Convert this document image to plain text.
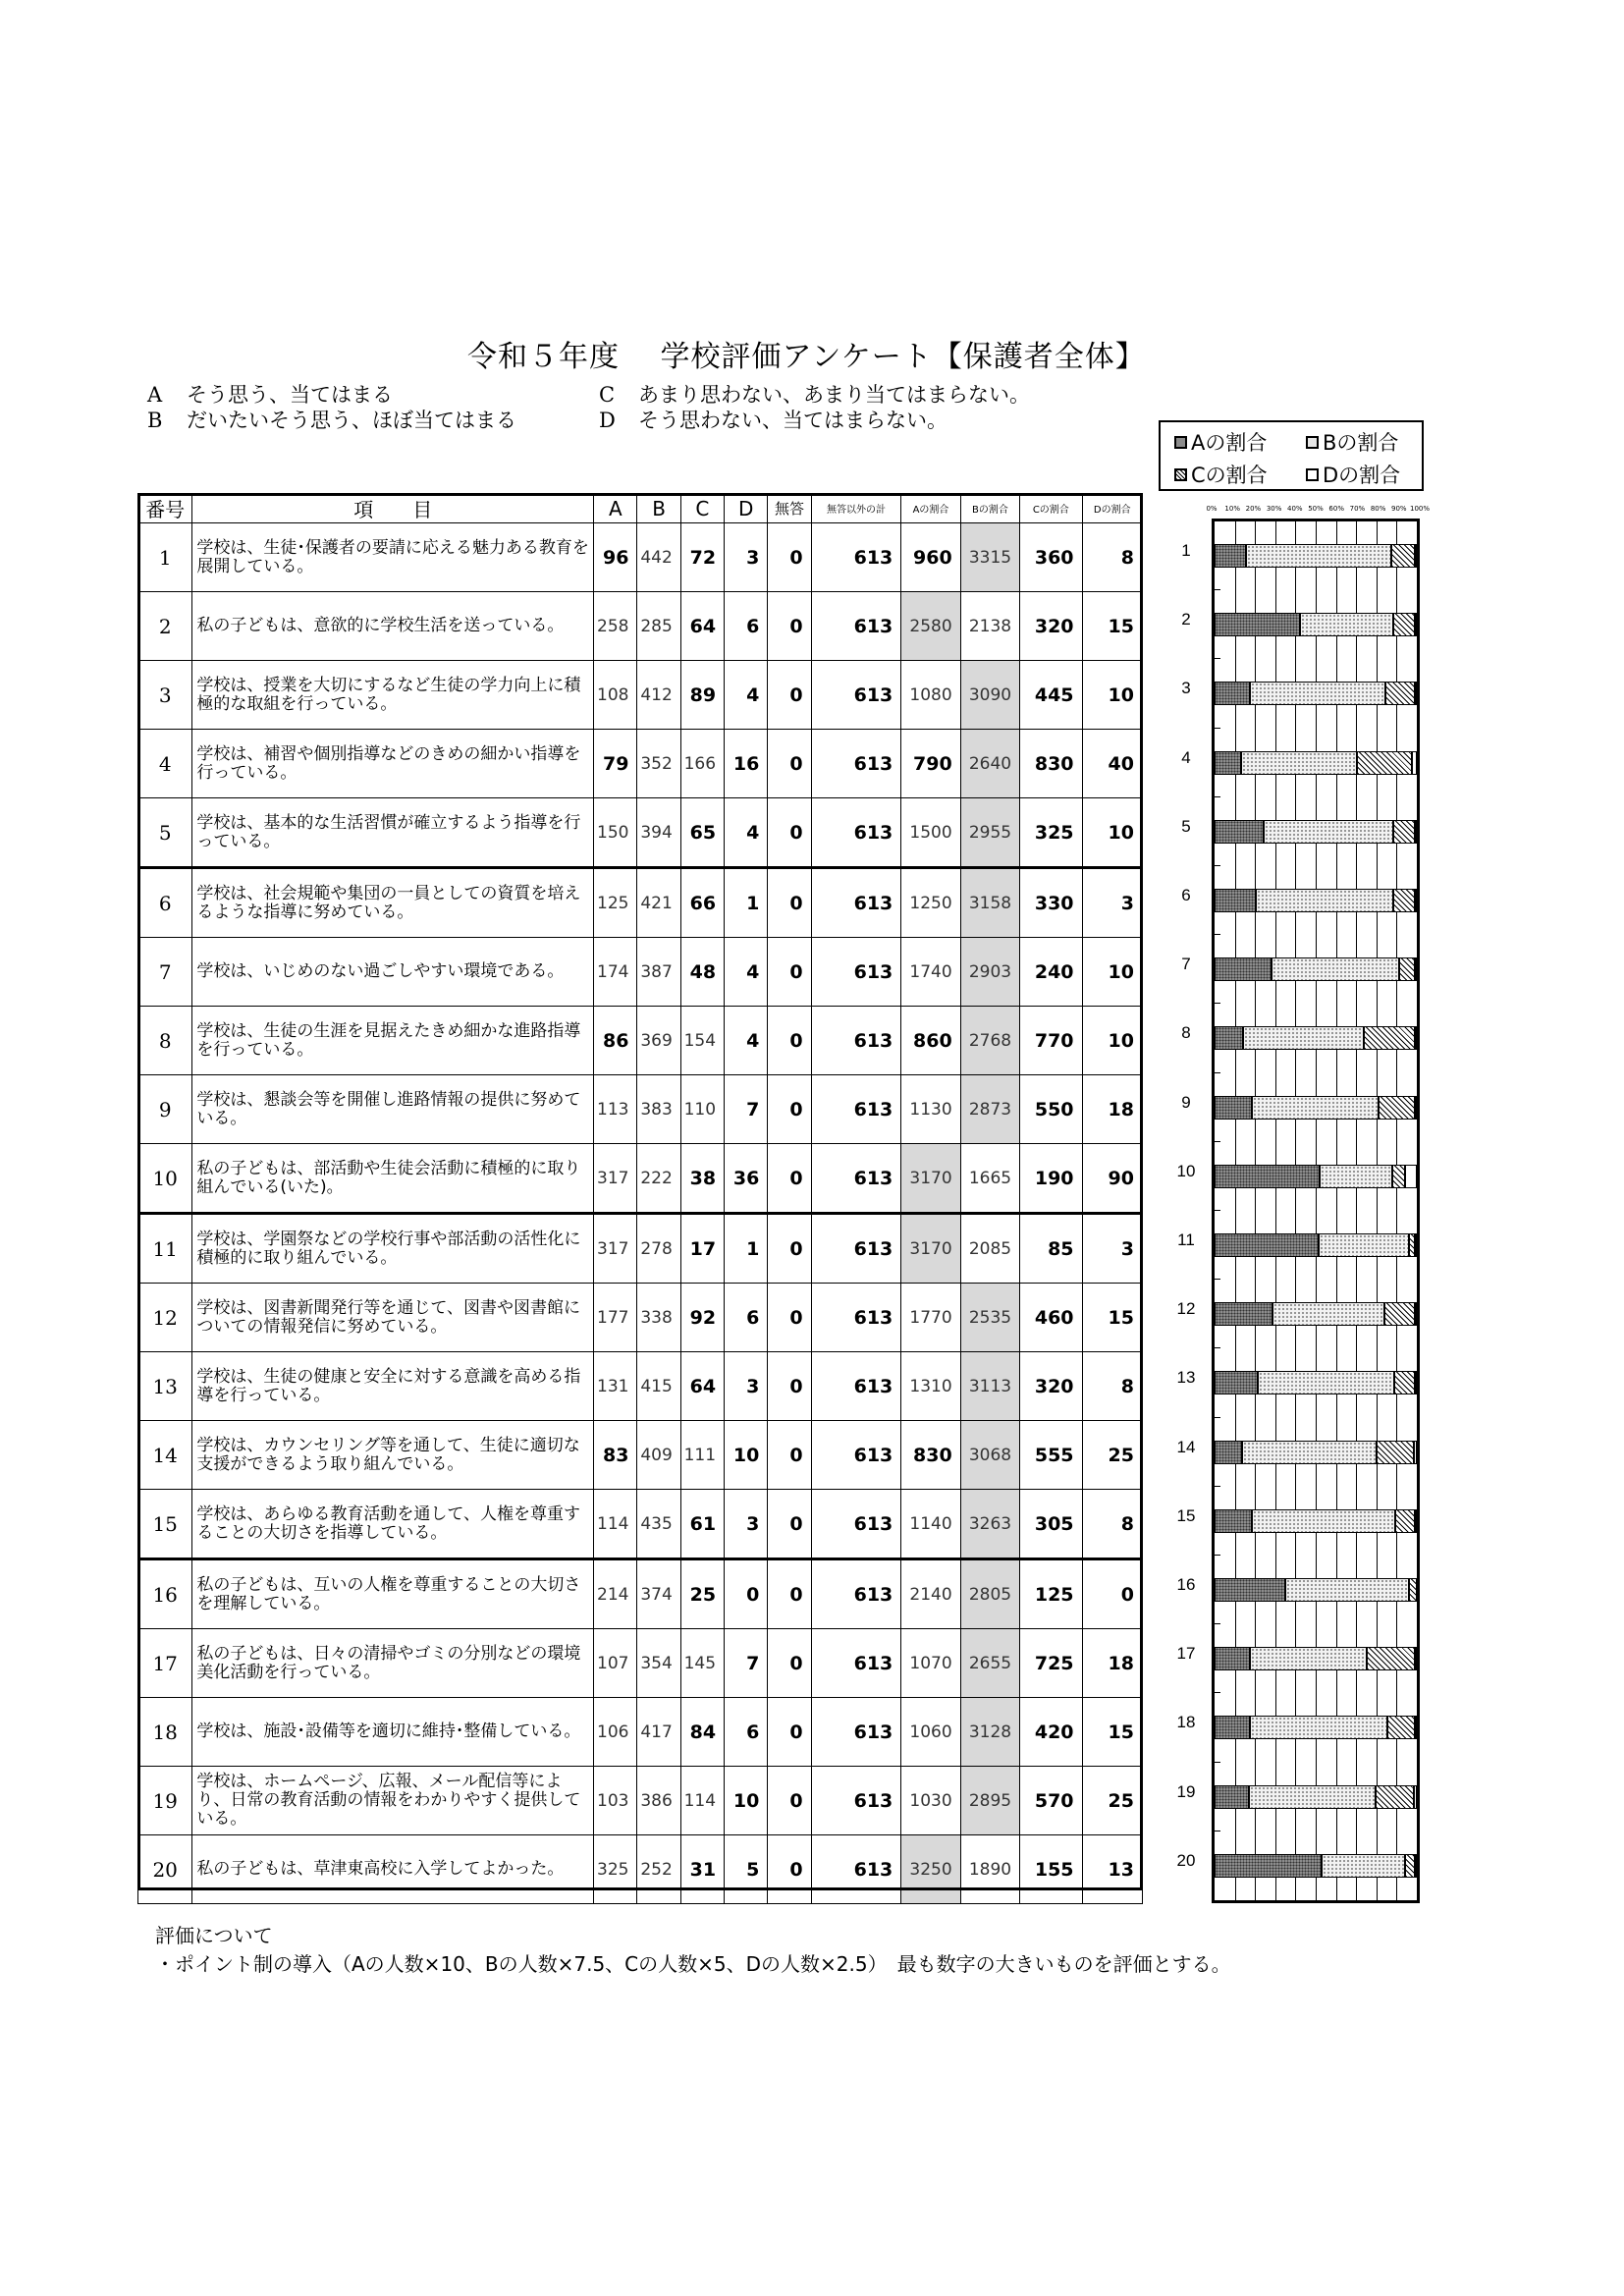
令和５年度　 学校評価アンケート【保護者全体】
A そう思う、当てはまる
B だいたいそう思う、ほぼ当てはまる
C あまり思わない、あまり当てはまらない。
D そう思わない、当てはまらない。
Aの割合	Bの割合
Cの割合	Dの割合
番号	項　　目	A	B	C	D	無答	無答以外の計	Aの割合	Bの割合	Cの割合	Dの割合
1	学校は、生徒･保護者の要請に応える魅力ある教育を展開している。	96	442	72	3	0	613	960	3315	360	8
2	私の子どもは、意欲的に学校生活を送っている。	258	285	64	6	0	613	2580	2138	320	15
3	学校は、授業を大切にするなど生徒の学力向上に積極的な取組を行っている。	108	412	89	4	0	613	1080	3090	445	10
4	学校は、補習や個別指導などのきめの細かい指導を行っている。	79	352	166	16	0	613	790	2640	830	40
5	学校は、基本的な生活習慣が確立するよう指導を行っている。	150	394	65	4	0	613	1500	2955	325	10
6	学校は、社会規範や集団の一員としての資質を培えるような指導に努めている。	125	421	66	1	0	613	1250	3158	330	3
7	学校は、いじめのない過ごしやすい環境である。	174	387	48	4	0	613	1740	2903	240	10
8	学校は、生徒の生涯を見据えたきめ細かな進路指導を行っている。	86	369	154	4	0	613	860	2768	770	10
9	学校は、懇談会等を開催し進路情報の提供に努めている。	113	383	110	7	0	613	1130	2873	550	18
10	私の子どもは、部活動や生徒会活動に積極的に取り組んでいる(いた)。	317	222	38	36	0	613	3170	1665	190	90
11	学校は、学園祭などの学校行事や部活動の活性化に積極的に取り組んでいる。	317	278	17	1	0	613	3170	2085	85	3
12	学校は、図書新聞発行等を通じて、図書や図書館についての情報発信に努めている。	177	338	92	6	0	613	1770	2535	460	15
13	学校は、生徒の健康と安全に対する意識を高める指導を行っている。	131	415	64	3	0	613	1310	3113	320	8
14	学校は、カウンセリング等を通して、生徒に適切な支援ができるよう取り組んでいる。	83	409	111	10	0	613	830	3068	555	25
15	学校は、あらゆる教育活動を通して、人権を尊重することの大切さを指導している。	114	435	61	3	0	613	1140	3263	305	8
16	私の子どもは、互いの人権を尊重することの大切さを理解している。	214	374	25	0	0	613	2140	2805	125	0
17	私の子どもは、日々の清掃やゴミの分別などの環境美化活動を行っている。	107	354	145	7	0	613	1070	2655	725	18
18	学校は、施設･設備等を適切に維持･整備している。	106	417	84	6	0	613	1060	3128	420	15
19	学校は、ホームページ、広報、メール配信等により、日常の教育活動の情報をわかりやすく提供している。	103	386	114	10	0	613	1030	2895	570	25
20	私の子どもは、草津東高校に入学してよかった。	325	252	31	5	0	613	3250	1890	155	13
0% 10% 20% 30% 40% 50% 60% 70% 80% 90% 100%
1
2
3
4
5
6
7
8
9
10
11
12
13
14
15
16
17
18
19
20
評価について
・ポイント制の導入（Aの人数×10、Bの人数×7.5、Cの人数×5、Dの人数×2.5）　最も数字の大きいものを評価とする。
